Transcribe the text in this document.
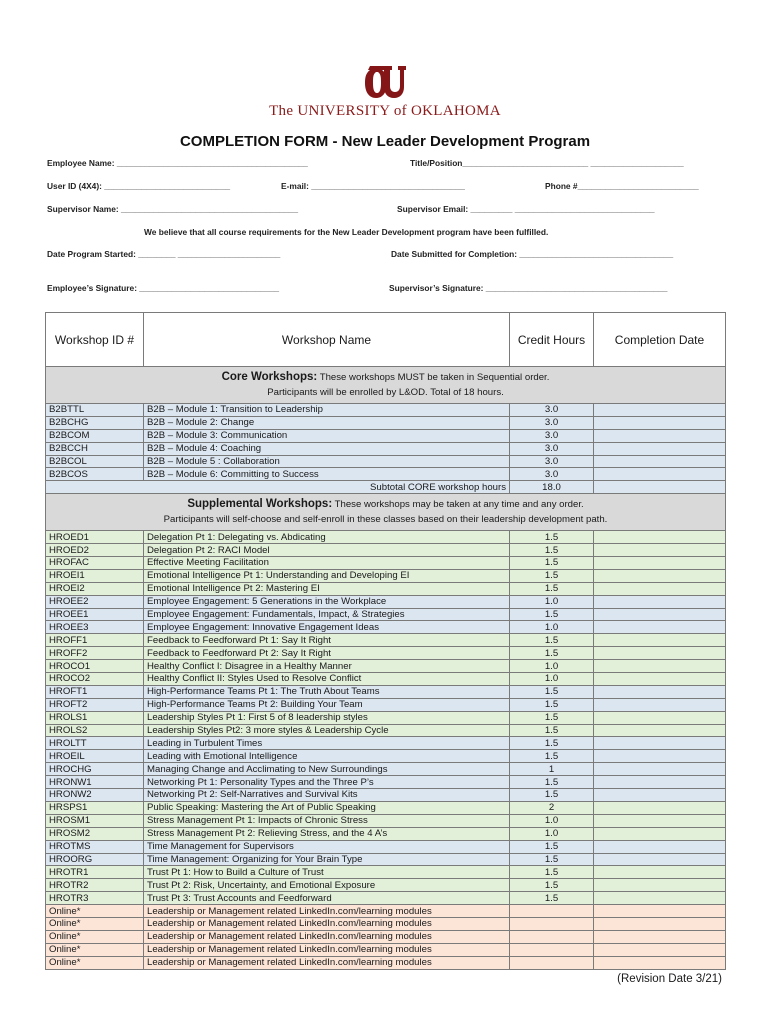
The UNIVERSITY of OKLAHOMA
COMPLETION FORM - New Leader Development Program
Employee Name: _________________________________________	Title/Position___________________________ ____________________
User ID (4X4): ___________________________	E-mail: _________________________________	Phone #__________________________
Supervisor Name: ______________________________________	Supervisor Email: _________ ______________________________
We believe that all course requirements for the New Leader Development program have been fulfilled.
Date Program Started: ________ ______________________	Date Submitted for Completion: _________________________________
Employee’s Signature: ______________________________	Supervisor’s Signature: _______________________________________
Workshop ID #	Workshop Name	Credit Hours	Completion Date

Core Workshops: These workshops MUST be taken in Sequential order.
Participants will be enrolled by L&OD. Total of 18 hours.			

B2BTTL	B2B – Module 1: Transition to Leadership	3.0	
B2BCHG	B2B – Module 2: Change	3.0	
B2BCOM	B2B – Module 3: Communication	3.0	
B2BCCH	B2B – Module 4: Coaching	3.0	
B2BCOL	B2B – Module 5 : Collaboration	3.0	
B2BCOS	B2B – Module 6: Committing to Success	3.0	
Subtotal CORE workshop hours		18.0	

Supplemental Workshops: These workshops may be taken at any time and any order.
Participants will self-choose and self-enroll in these classes based on their leadership development path.			

HROED1	Delegation Pt 1: Delegating vs. Abdicating	1.5	
HROED2	Delegation Pt 2: RACI Model	1.5	
HROFAC	Effective Meeting Facilitation	1.5	
HROEI1	Emotional Intelligence Pt 1: Understanding and Developing EI	1.5	
HROEI2	Emotional Intelligence Pt 2: Mastering EI	1.5	
HROEE2	Employee Engagement: 5 Generations in the Workplace	1.0	
HROEE1	Employee Engagement: Fundamentals, Impact, & Strategies	1.5	
HROEE3	Employee Engagement: Innovative Engagement Ideas	1.0	
HROFF1	Feedback to Feedforward Pt 1: Say It Right	1.5	
HROFF2	Feedback to Feedforward Pt 2: Say It Right	1.5	
HROCO1	Healthy Conflict I: Disagree in a Healthy Manner	1.0	
HROCO2	Healthy Conflict II: Styles Used to Resolve Conflict	1.0	
HROFT1	High-Performance Teams Pt 1: The Truth About Teams	1.5	
HROFT2	High-Performance Teams Pt 2: Building Your Team	1.5	
HROLS1	Leadership Styles Pt 1: First 5 of 8 leadership styles	1.5	
HROLS2	Leadership Styles Pt2: 3 more styles & Leadership Cycle	1.5	
HROLTT	Leading in Turbulent Times	1.5	
HROEIL	Leading with Emotional Intelligence	1.5	
HROCHG	Managing Change and Acclimating to New Surroundings	1	
HRONW1	Networking Pt 1: Personality Types and the Three P’s	1.5	
HRONW2	Networking Pt 2: Self-Narratives and Survival Kits	1.5	
HRSPS1	Public Speaking: Mastering the Art of Public Speaking	2	
HROSM1	Stress Management Pt 1: Impacts of Chronic Stress	1.0	
HROSM2	Stress Management Pt 2: Relieving Stress, and the 4 A’s	1.0	
HROTMS	Time Management for Supervisors	1.5	
HROORG	Time Management: Organizing for Your Brain Type	1.5	
HROTR1	Trust Pt 1: How to Build a Culture of Trust	1.5	
HROTR2	Trust Pt 2: Risk, Uncertainty, and Emotional Exposure	1.5	
HROTR3	Trust Pt 3: Trust Accounts and Feedforward	1.5	
Online*	Leadership or Management related LinkedIn.com/learning modules		
Online*	Leadership or Management related LinkedIn.com/learning modules		
Online*	Leadership or Management related LinkedIn.com/learning modules		
Online*	Leadership or Management related LinkedIn.com/learning modules		
Online*	Leadership or Management related LinkedIn.com/learning modules		
(Revision Date 3/21)
